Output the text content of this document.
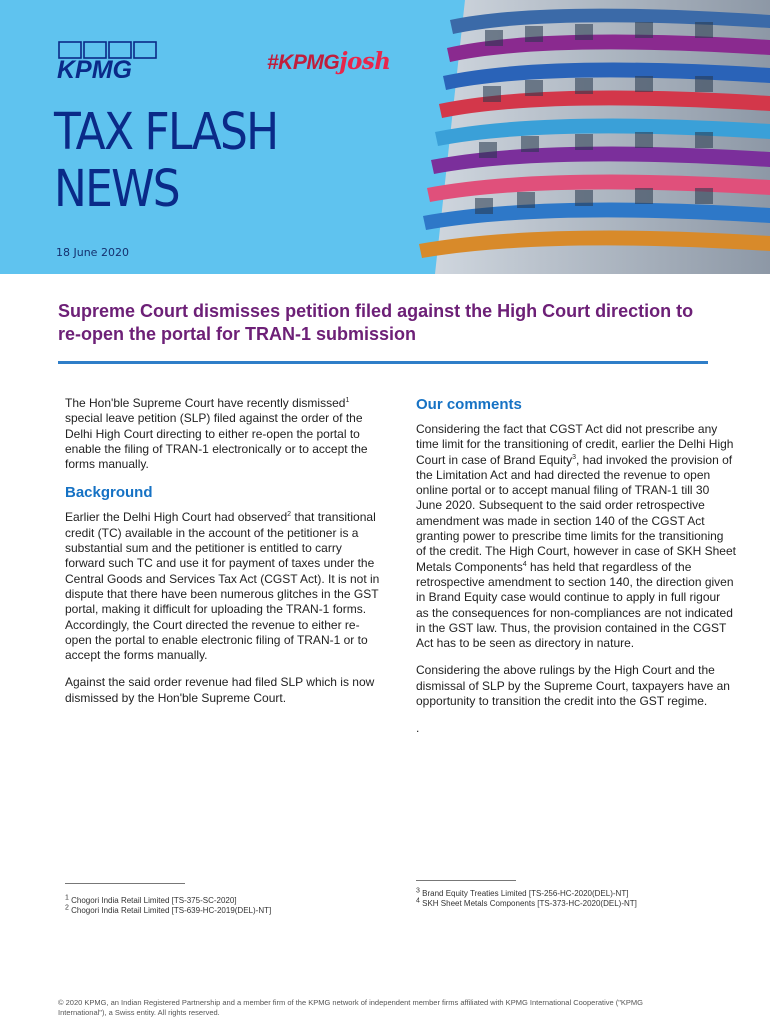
KPMG	#KPMGjosh
TAX FLASH
NEWS
18 June 2020
Supreme Court dismisses petition filed against the High Court direction to re-open the portal for TRAN-1 submission

The Hon'ble Supreme Court have recently dismissed$^1$ special leave petition (SLP) filed against the order of the Delhi High Court directing to either re-open the portal to enable the filing of TRAN-1 electronically or to accept the forms manually.

Background

Earlier the Delhi High Court had observed$^2$ that transitional credit (TC) available in the account of the petitioner is a substantial sum and the petitioner is entitled to carry forward such TC and use it for payment of taxes under the Central Goods and Services Tax Act (CGST Act). It is not in dispute that there have been numerous glitches in the GST portal, making it difficult for uploading the TRAN-1 forms. Accordingly, the Court directed the revenue to either re-open the portal to enable electronic filing of TRAN-1 or to accept the forms manually.

Against the said order revenue had filed SLP which is now dismissed by the Hon'ble Supreme Court.

Our comments

Considering the fact that CGST Act did not prescribe any time limit for the transitioning of credit, earlier the Delhi High Court in case of Brand Equity$^3$, had invoked the provision of the Limitation Act and had directed the revenue to open online portal or to accept manual filing of TRAN-1 till 30 June 2020. Subsequent to the said order retrospective amendment was made in section 140 of the CGST Act granting power to prescribe time limits for the transitioning of the credit. The High Court, however in case of SKH Sheet Metals Components$^4$ has held that regardless of the retrospective amendment to section 140, the direction given in Brand Equity case would continue to apply in full rigour as the consequences for non-compliances are not indicated in the GST law. Thus, the provision contained in the CGST Act has to be seen as directory in nature.

Considering the above rulings by the High Court and the dismissal of SLP by the Supreme Court, taxpayers have an opportunity to transition the credit into the GST regime.

.

$^1$ Chogori India Retail Limited [TS-375-SC-2020]
$^2$ Chogori India Retail Limited [TS-639-HC-2019(DEL)-NT]
$^3$ Brand Equity Treaties Limited [TS-256-HC-2020(DEL)-NT]
$^4$ SKH Sheet Metals Components [TS-373-HC-2020(DEL)-NT]
© 2020 KPMG, an Indian Registered Partnership and a member firm of the KPMG network of independent member firms affiliated with KPMG International Cooperative ("KPMG International"), a Swiss entity. All rights reserved.
